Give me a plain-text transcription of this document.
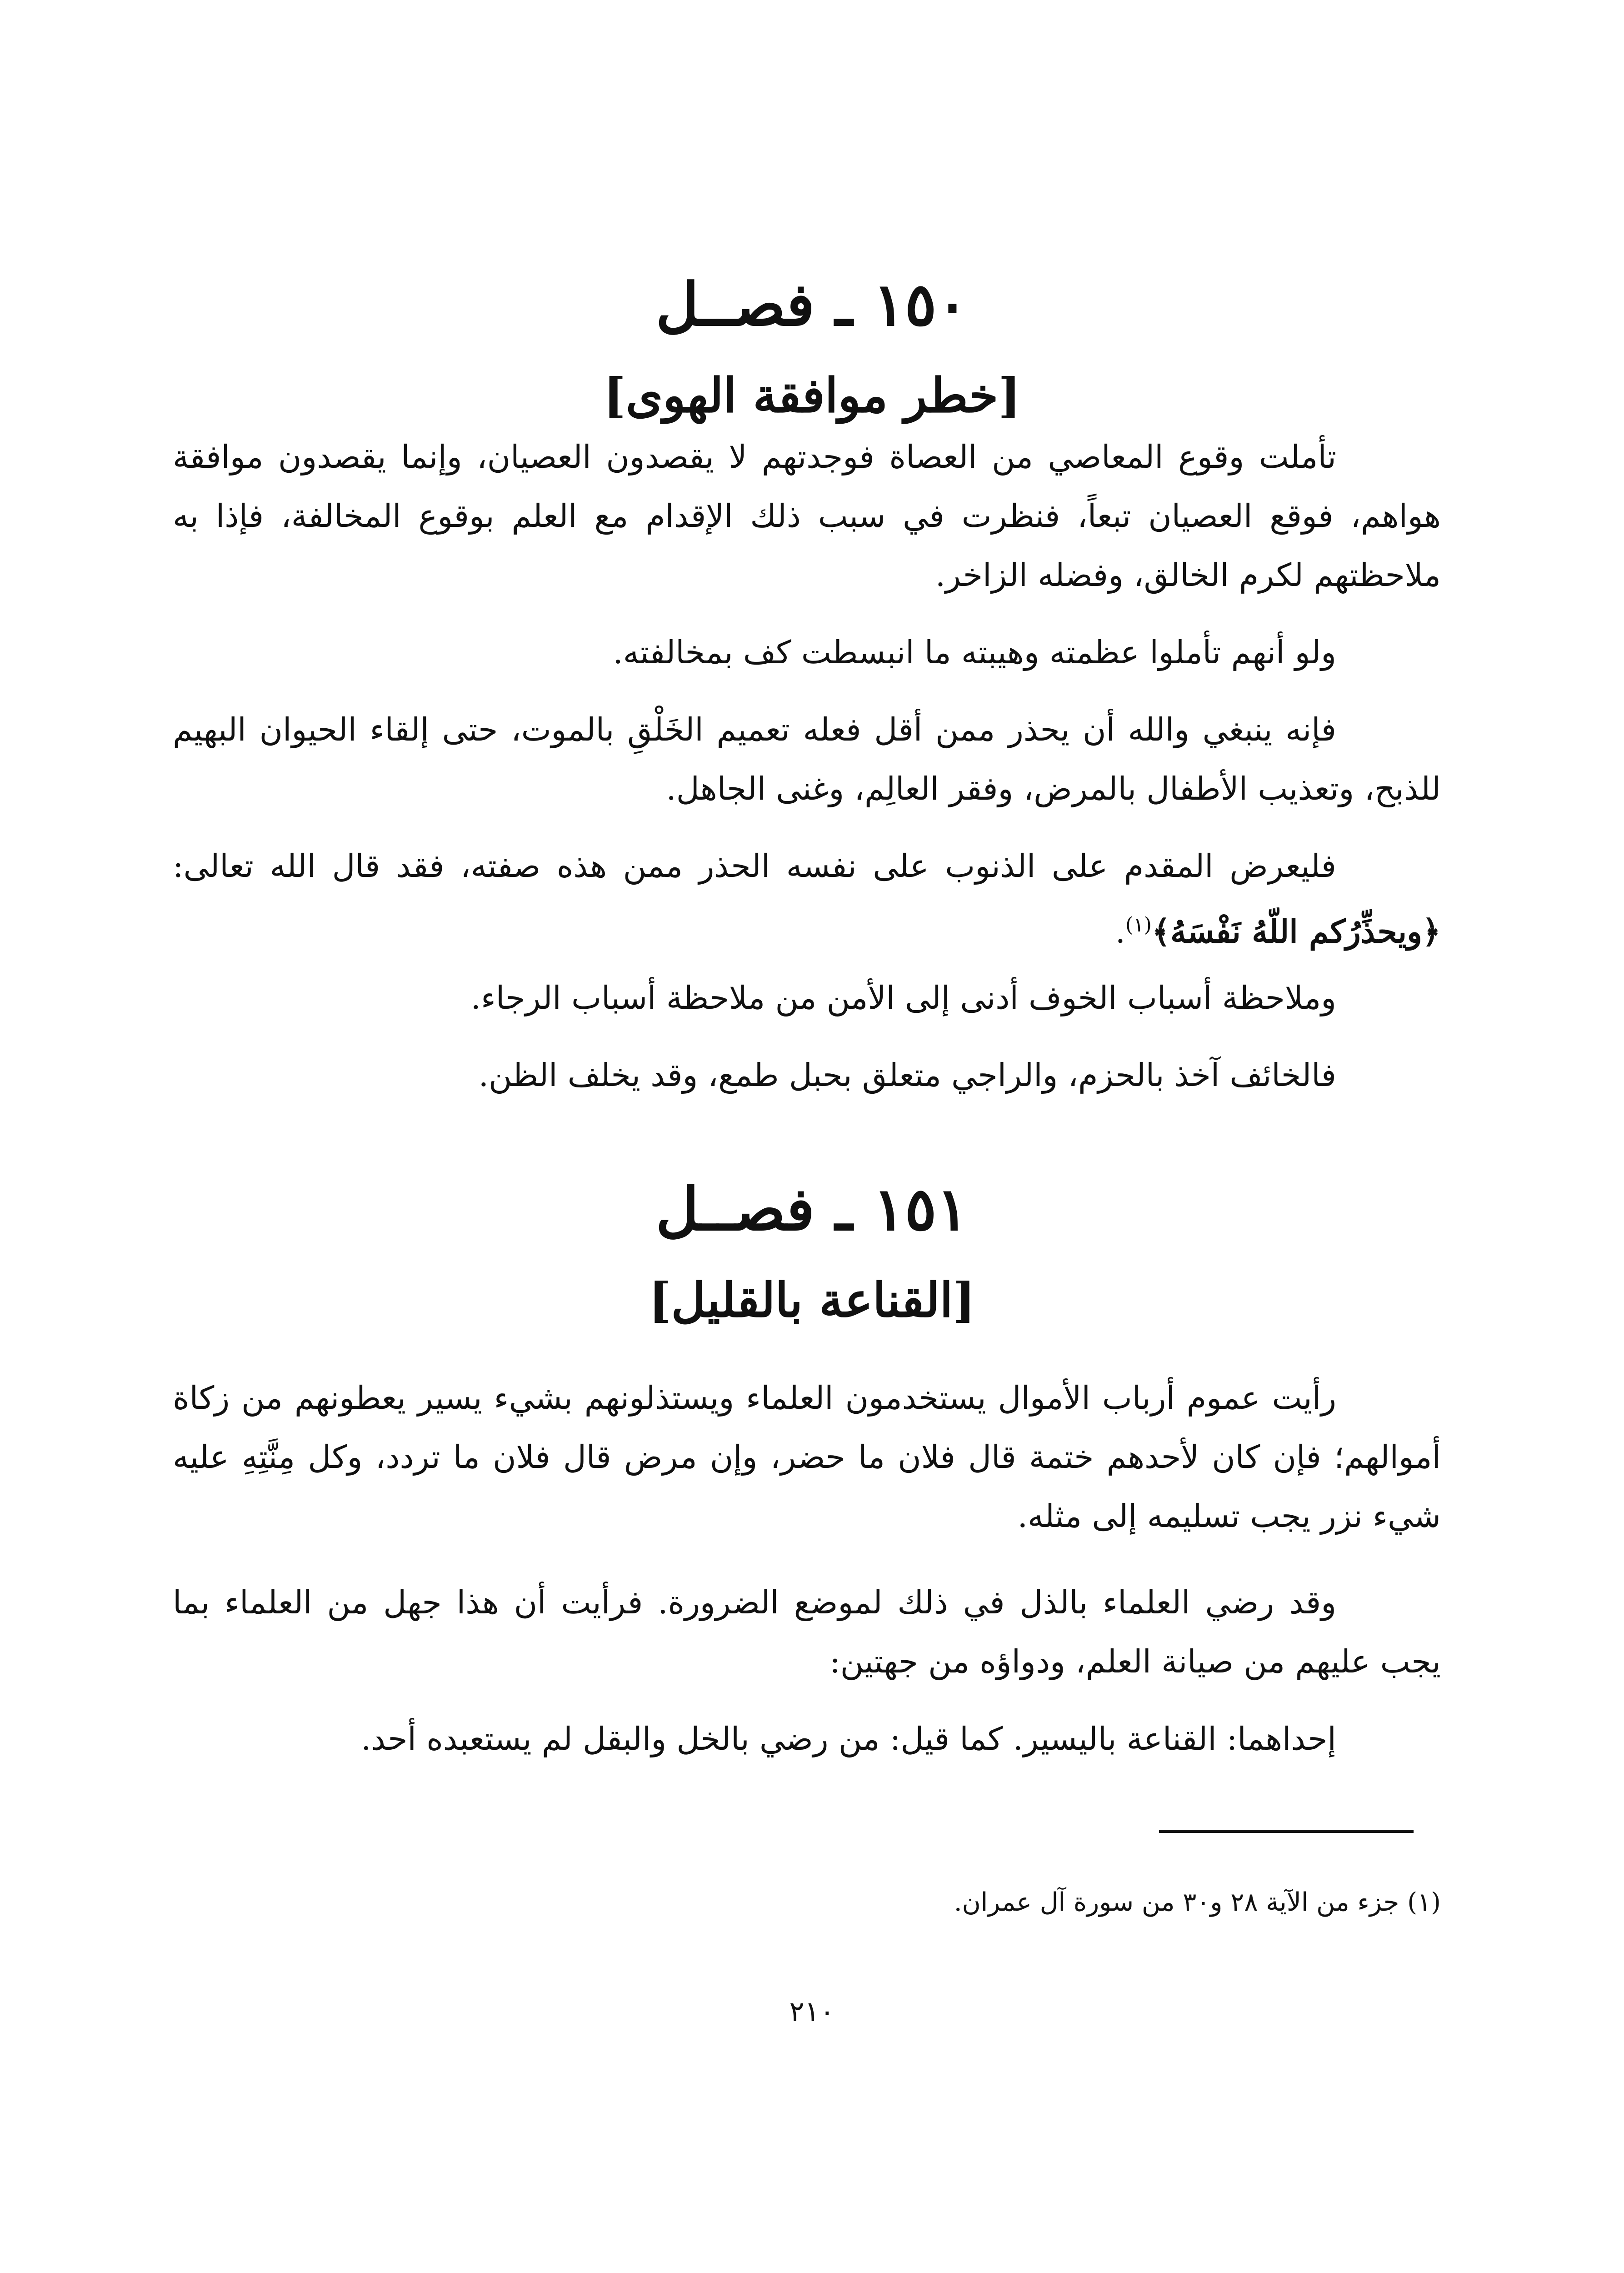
١٥٠ ـ فصــل
[خطر موافقة الهوى]

تأملت وقوع المعاصي من العصاة فوجدتهم لا يقصدون العصيان، وإنما يقصدون موافقة هواهم، فوقع العصيان تبعاً، فنظرت في سبب ذلك الإقدام مع العلم بوقوع المخالفة، فإذا به ملاحظتهم لكرم الخالق، وفضله الزاخر.

ولو أنهم تأملوا عظمته وهيبته ما انبسطت كف بمخالفته.

فإنه ينبغي والله أن يحذر ممن أقل فعله تعميم الخَلْقِ بالموت، حتى إلقاء الحيوان البهيم للذبح، وتعذيب الأطفال بالمرض، وفقر العالِم، وغنى الجاهل.

فليعرض المقدم على الذنوب على نفسه الحذر ممن هذه صفته، فقد قال الله تعالى: ﴿ويحذِّرُكم اللّهُ نَفْسَهُ﴾$^{(١)}$.

وملاحظة أسباب الخوف أدنى إلى الأمن من ملاحظة أسباب الرجاء.

فالخائف آخذ بالحزم، والراجي متعلق بحبل طمع، وقد يخلف الظن.

١٥١ ـ فصــل
[القناعة بالقليل]

رأيت عموم أرباب الأموال يستخدمون العلماء ويستذلونهم بشيء يسير يعطونهم من زكاة أموالهم؛ فإن كان لأحدهم ختمة قال فلان ما حضر، وإن مرض قال فلان ما تردد، وكل مِنَّتِهِ عليه شيء نزر يجب تسليمه إلى مثله.

وقد رضي العلماء بالذل في ذلك لموضع الضرورة. فرأيت أن هذا جهل من العلماء بما يجب عليهم من صيانة العلم، ودواؤه من جهتين:

إحداهما: القناعة باليسير. كما قيل: من رضي بالخل والبقل لم يستعبده أحد.

(١) جزء من الآية ٢٨ و٣٠ من سورة آل عمران.
٢١٠
